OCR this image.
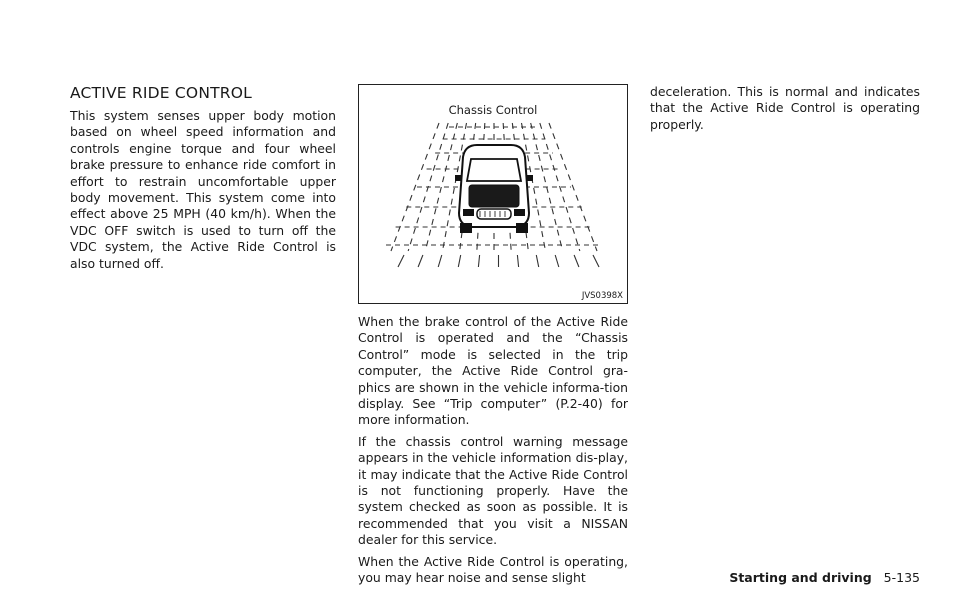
ACTIVE RIDE CONTROL

This system senses upper body motion based on wheel speed information and controls engine torque and four wheel brake pressure to enhance ride comfort in effort to restrain uncomfortable upper body movement. This system come into effect above 25 MPH (40 km/h). When the VDC OFF switch is used to turn off the VDC system, the Active Ride Control is also turned off.

Chassis Control
JVS0398X

When the brake control of the Active Ride Control is operated and the “Chassis Control” mode is selected in the trip computer, the Active Ride Control gra-phics are shown in the vehicle informa-tion display. See “Trip computer” (P.2-40) for more information.

If the chassis control warning message appears in the vehicle information dis-play, it may indicate that the Active Ride Control is not functioning properly. Have the system checked as soon as possible. It is recommended that you visit a NISSAN dealer for this service.

When the Active Ride Control is operating, you may hear noise and sense slight

deceleration. This is normal and indicates that the Active Ride Control is operating properly.

Starting and driving 5-135
